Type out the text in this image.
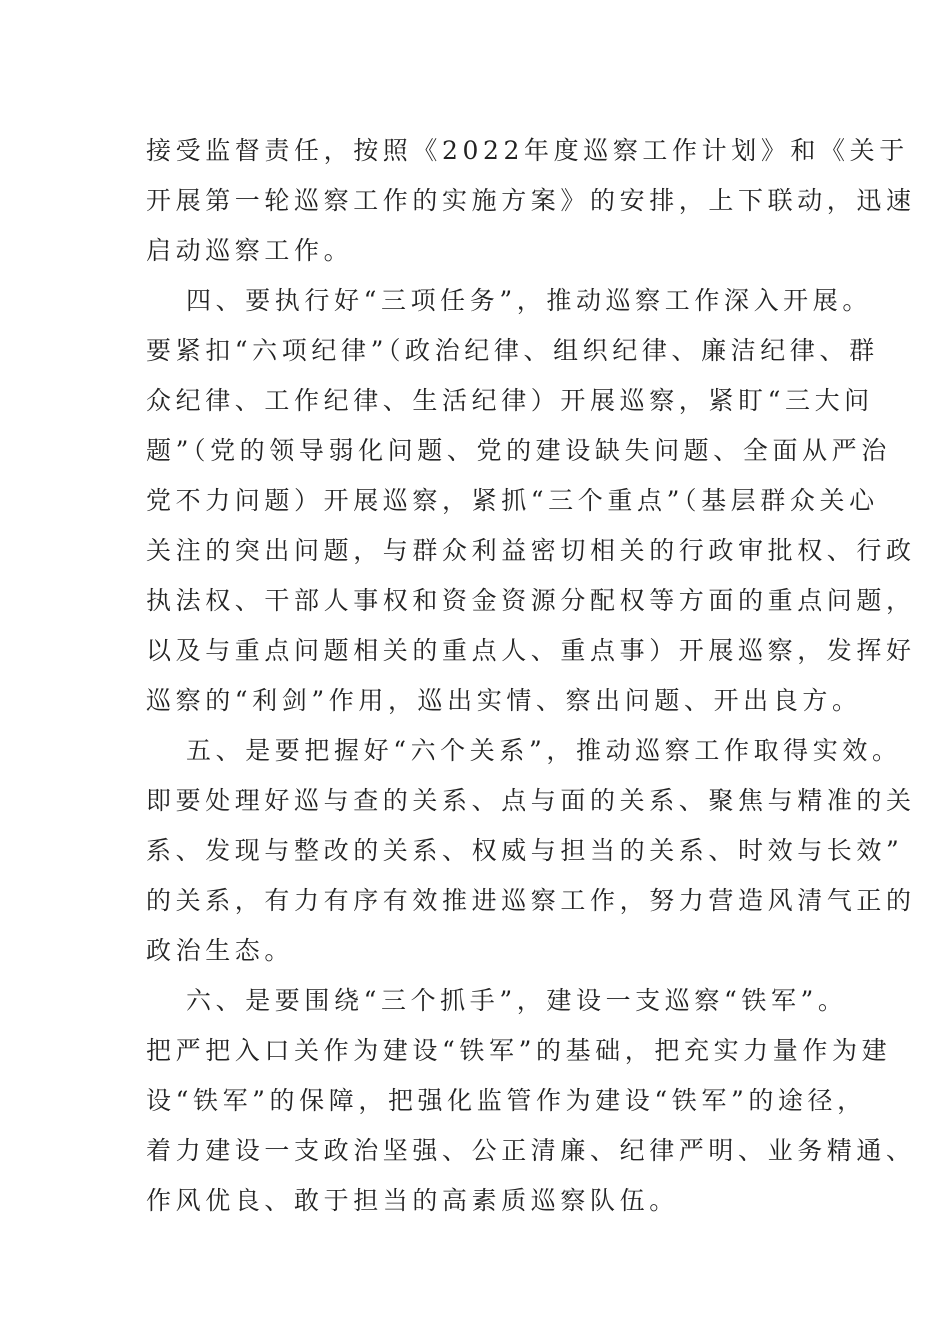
接受监督责任，按照《2022年度巡察工作计划》和《关于
开展第一轮巡察工作的实施方案》的安排，上下联动，迅速
启动巡察工作。
四、要执行好“三项任务”，推动巡察工作深入开展。
要紧扣“六项纪律”（政治纪律、组织纪律、廉洁纪律、群
众纪律、工作纪律、生活纪律）开展巡察，紧盯“三大问
题”（党的领导弱化问题、党的建设缺失问题、全面从严治
党不力问题）开展巡察，紧抓“三个重点”（基层群众关心
关注的突出问题，与群众利益密切相关的行政审批权、行政
执法权、干部人事权和资金资源分配权等方面的重点问题，
以及与重点问题相关的重点人、重点事）开展巡察，发挥好
巡察的“利剑”作用，巡出实情、察出问题、开出良方。
五、是要把握好“六个关系”，推动巡察工作取得实效。
即要处理好巡与查的关系、点与面的关系、聚焦与精准的关
系、发现与整改的关系、权威与担当的关系、时效与长效”
的关系，有力有序有效推进巡察工作，努力营造风清气正的
政治生态。
六、是要围绕“三个抓手”，建设一支巡察“铁军”。
把严把入口关作为建设“铁军”的基础，把充实力量作为建
设“铁军”的保障，把强化监管作为建设“铁军”的途径，
着力建设一支政治坚强、公正清廉、纪律严明、业务精通、
作风优良、敢于担当的高素质巡察队伍。
